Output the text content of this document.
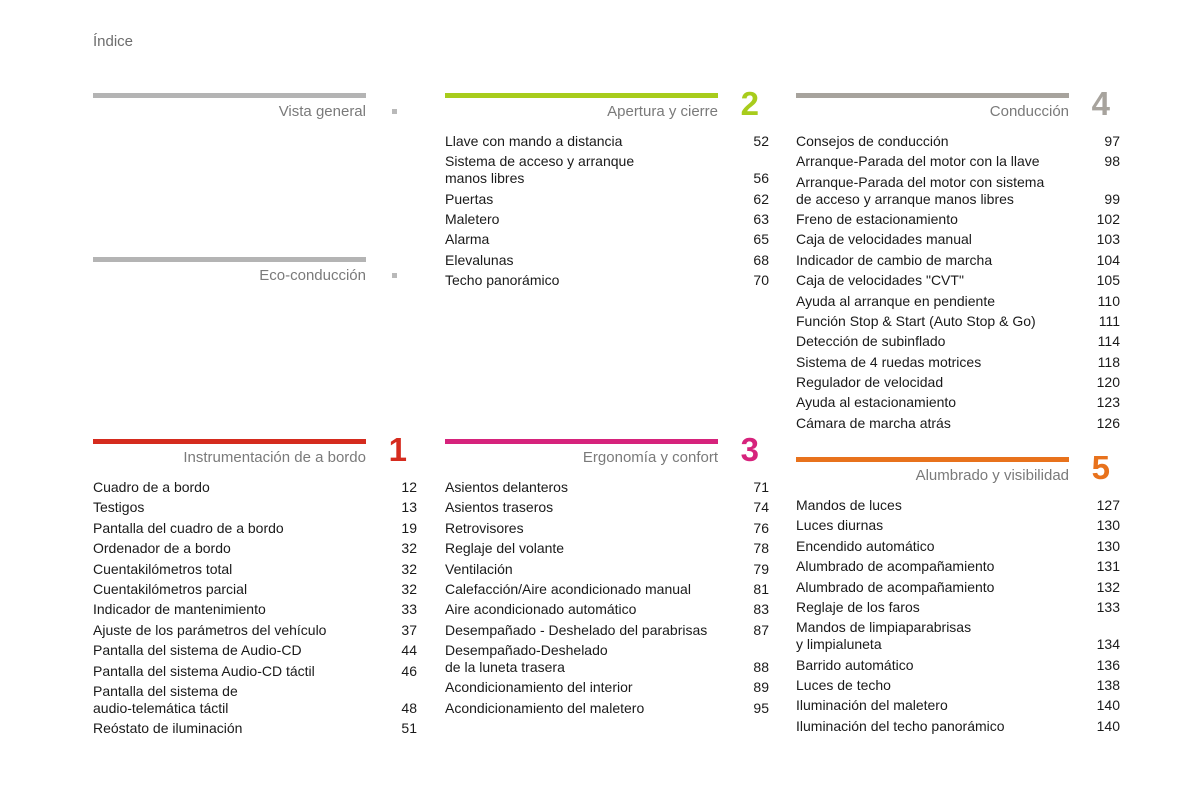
Índice
Vista general
Eco-conducción
Instrumentación de a bordo 1
Cuadro de a bordo	12
Testigos	13
Pantalla del cuadro de a bordo	19
Ordenador de a bordo	32
Cuentakilómetros total	32
Cuentakilómetros parcial	32
Indicador de mantenimiento	33
Ajuste de los parámetros del vehículo	37
Pantalla del sistema de Audio-CD	44
Pantalla del sistema Audio-CD táctil	46
Pantalla del sistema de
audio-telemática táctil	48
Reóstato de iluminación	51
Apertura y cierre 2
Llave con mando a distancia	52
Sistema de acceso y arranque
manos libres	56
Puertas	62
Maletero	63
Alarma	65
Elevalunas	68
Techo panorámico	70
Ergonomía y confort 3
Asientos delanteros	71
Asientos traseros	74
Retrovisores	76
Reglaje del volante	78
Ventilación	79
Calefacción/Aire acondicionado manual	81
Aire acondicionado automático	83
Desempañado - Deshelado del parabrisas	87
Desempañado-Deshelado
de la luneta trasera	88
Acondicionamiento del interior	89
Acondicionamiento del maletero	95
Conducción 4
Consejos de conducción	97
Arranque-Parada del motor con la llave	98
Arranque-Parada del motor con sistema
de acceso y arranque manos libres	99
Freno de estacionamiento	102
Caja de velocidades manual	103
Indicador de cambio de marcha	104
Caja de velocidades "CVT"	105
Ayuda al arranque en pendiente	110
Función Stop & Start (Auto Stop & Go)	111
Detección de subinflado	114
Sistema de 4 ruedas motrices	118
Regulador de velocidad	120
Ayuda al estacionamiento	123
Cámara de marcha atrás	126
Alumbrado y visibilidad 5
Mandos de luces	127
Luces diurnas	130
Encendido automático	130
Alumbrado de acompañamiento	131
Alumbrado de acompañamiento	132
Reglaje de los faros	133
Mandos de limpiaparabrisas
y limpialuneta	134
Barrido automático	136
Luces de techo	138
Iluminación del maletero	140
Iluminación del techo panorámico	140
